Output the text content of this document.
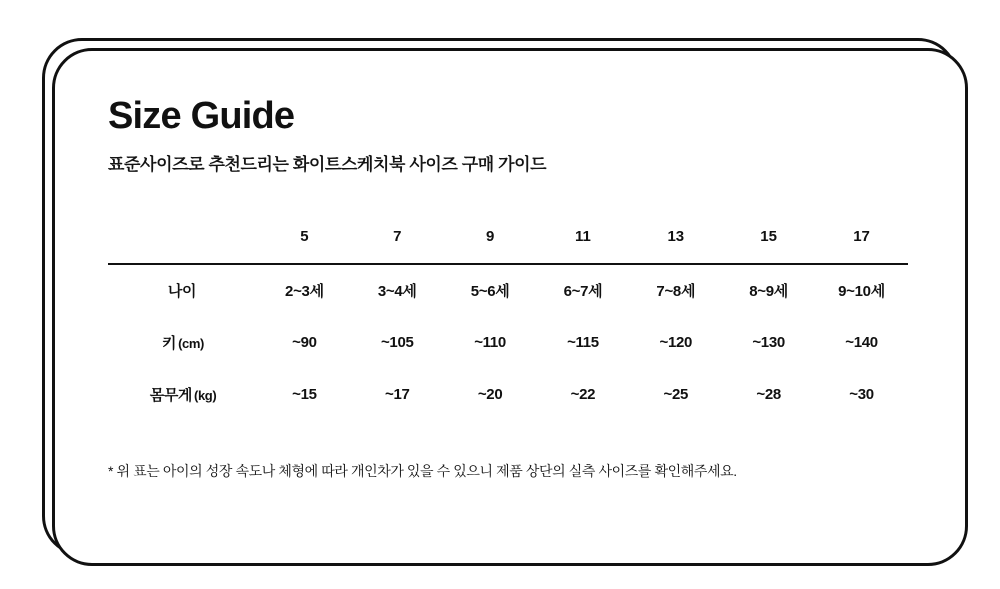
Size Guide
표준사이즈로 추천드리는 화이트스케치북 사이즈 구매 가이드
	5	7	9	11	13	15	17
나이	2~3세	3~4세	5~6세	6~7세	7~8세	8~9세	9~10세
키 (cm)	~90	~105	~110	~115	~120	~130	~140
몸무게 (kg)	~15	~17	~20	~22	~25	~28	~30
* 위 표는 아이의 성장 속도나 체형에 따라 개인차가 있을 수 있으니 제품 상단의 실측 사이즈를 확인해주세요.
